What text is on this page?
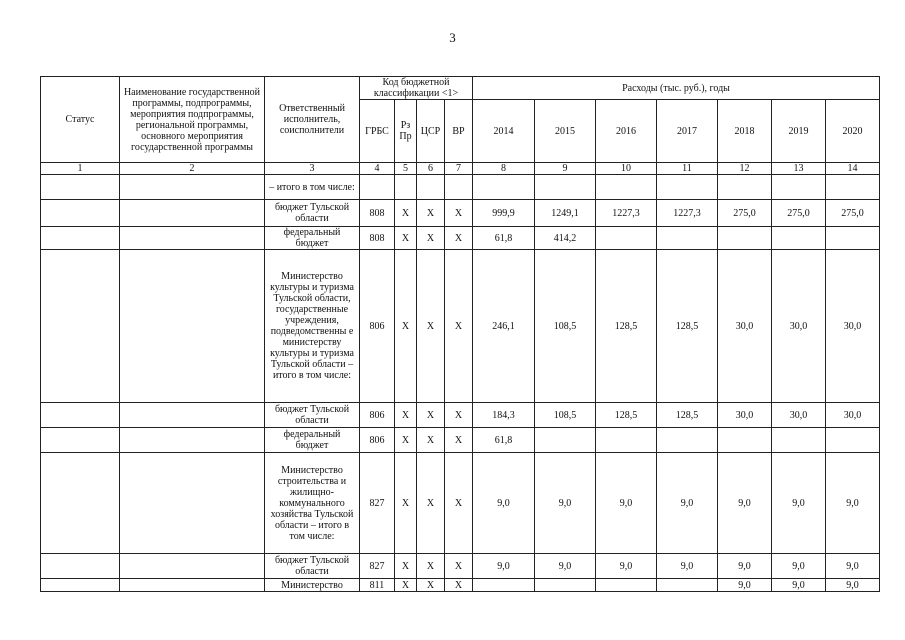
3
Статус	Наименование государственной программы, подпрограммы, мероприятия подпрограммы, региональной программы, основного мероприятия государственной программы	Ответственный исполнитель, соисполнители	Код бюджетной классификации <1>				Расходы (тыс. руб.), годы						
			ГРБС	Рз Пр	ЦСР	ВР	2014	2015	2016	2017	2018	2019	2020
1	2	3	4	5	6	7	8	9	10	11	12	13	14
		– итого в том числе:											
		бюджет Тульской области	808	Х	Х	Х	999,9	1249,1	1227,3	1227,3	275,0	275,0	275,0
		федеральный бюджет	808	Х	Х	Х	61,8	414,2					
		Министерство культуры и туризма Тульской области, государственные учреждения, подведомственны е министерству культуры и туризма Тульской области – итого в том числе:	806	Х	Х	Х	246,1	108,5	128,5	128,5	30,0	30,0	30,0
		бюджет Тульской области	806	Х	Х	Х	184,3	108,5	128,5	128,5	30,0	30,0	30,0
		федеральный бюджет	806	Х	Х	Х	61,8						
		Министерство строительства и жилищно-коммунального хозяйства Тульской области – итого в том числе:	827	Х	Х	Х	9,0	9,0	9,0	9,0	9,0	9,0	9,0
		бюджет Тульской области	827	Х	Х	Х	9,0	9,0	9,0	9,0	9,0	9,0	9,0
		Министерство	811	Х	Х	Х					9,0	9,0	9,0
